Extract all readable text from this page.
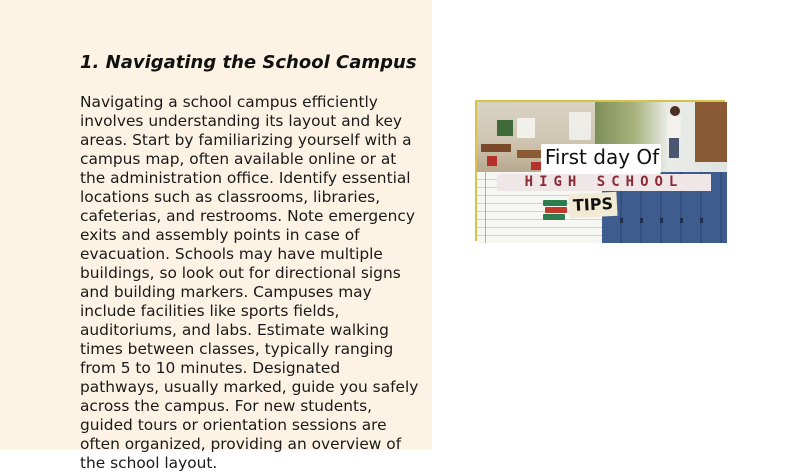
1. Navigating the School Campus

Navigating a school campus efficiently involves understanding its layout and key areas. Start by familiarizing yourself with a campus map, often available online or at the administration office. Identify essential locations such as classrooms, libraries, cafeterias, and restrooms. Note emergency exits and assembly points in case of evacuation. Schools may have multiple buildings, so look out for directional signs and building markers. Campuses may include facilities like sports fields, auditoriums, and labs. Estimate walking times between classes, typically ranging from 5 to 10 minutes. Designated pathways, usually marked, guide you safely across the campus. For new students, guided tours or orientation sessions are often organized, providing an overview of the school layout.

First day Of
HIGH SCHOOL
TIPS
